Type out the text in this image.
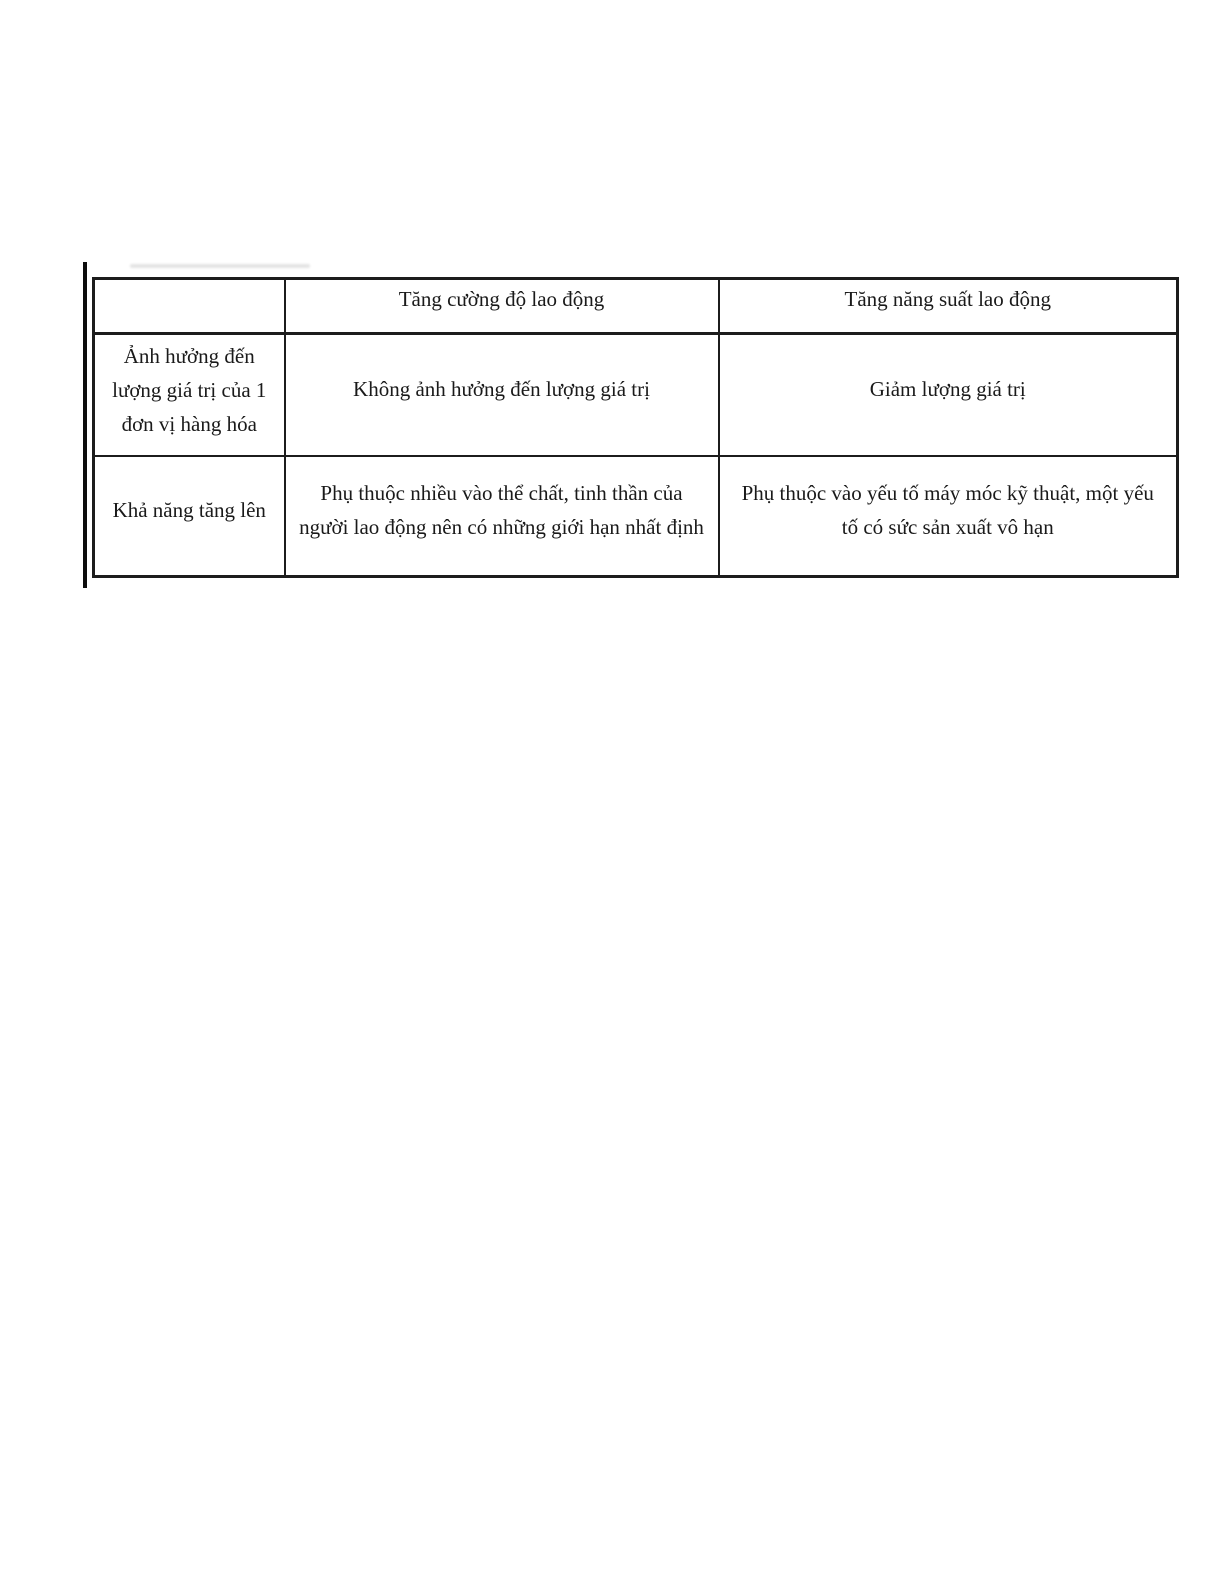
	Tăng cường độ lao động	Tăng năng suất lao động
Ảnh hưởng đến lượng giá trị của 1 đơn vị hàng hóa	Không ảnh hưởng đến lượng giá trị	Giảm lượng giá trị
Khả năng tăng lên	Phụ thuộc nhiều vào thể chất, tinh thần của người lao động nên có những giới hạn nhất định	Phụ thuộc vào yếu tố máy móc kỹ thuật, một yếu tố có sức sản xuất vô hạn
